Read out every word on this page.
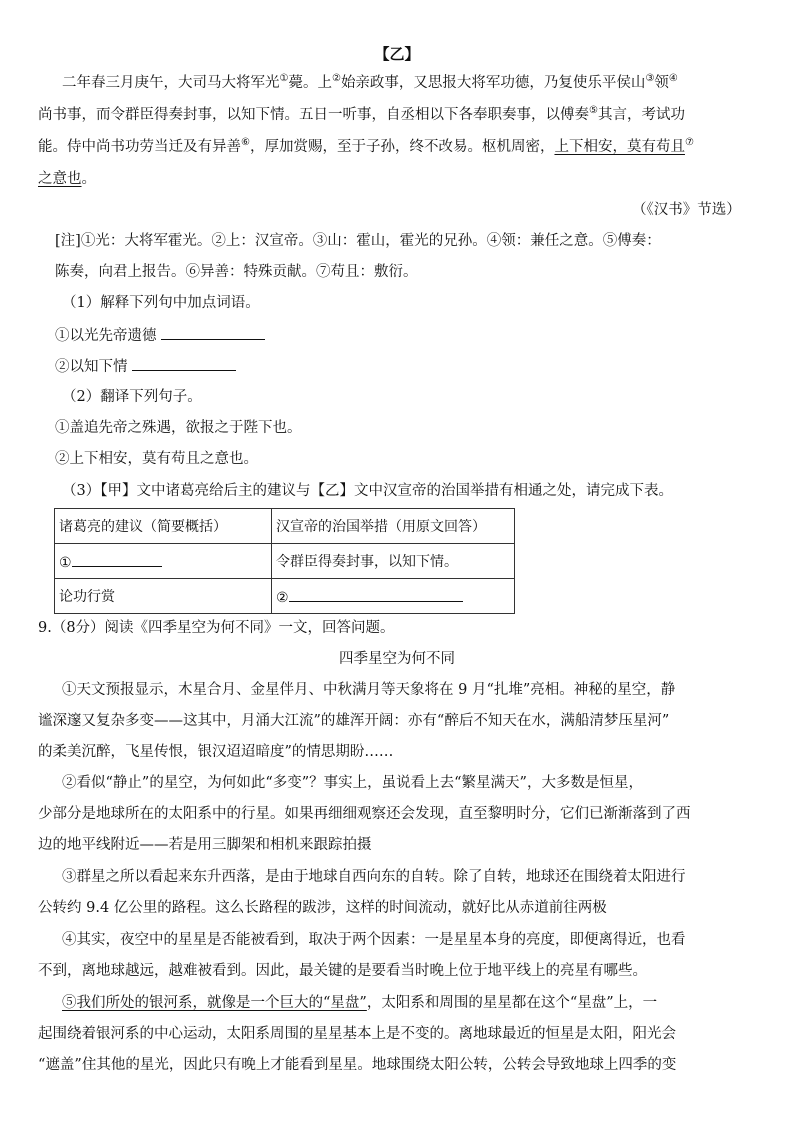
【乙】
二年春三月庚午，大司马大将军光①薨。上②始亲政事，又思报大将军功德，乃复使乐平侯山③领④
尚书事，而令群臣得奏封事，以知下情。五日一听事，自丞相以下各奉职奏事，以傅奏⑤其言，考试功
能。侍中尚书功劳当迁及有异善⑥，厚加赏赐，至于子孙，终不改易。枢机周密，上下相安，莫有苟且⑦
之意也。
（《汉书》节选）
[注]①光：大将军霍光。②上：汉宣帝。③山：霍山，霍光的兄孙。④领：兼任之意。⑤傅奏：
陈奏，向君上报告。⑥异善：特殊贡献。⑦苟且：敷衍。
（1）解释下列句中加点词语。
①以光先帝遗德
②以知下情
（2）翻译下列句子。
①盖追先帝之殊遇，欲报之于陛下也。
②上下相安，莫有苟且之意也。
（3）【甲】文中诸葛亮给后主的建议与【乙】文中汉宣帝的治国举措有相通之处，请完成下表。
诸葛亮的建议（简要概括）	汉宣帝的治国举措（用原文回答）
①	令群臣得奏封事，以知下情。
论功行赏	②
9.（8分）阅读《四季星空为何不同》一文，回答问题。
四季星空为何不同
①天文预报显示，木星合月、金星伴月、中秋满月等天象将在 9 月“扎堆”亮相。神秘的星空，静
谧深邃又复杂多变——这其中，月涌大江流”的雄浑开阔：亦有“醉后不知天在水，满船清梦压星河”
的柔美沉醉，飞星传恨，银汉迢迢暗度”的情思期盼……
②看似“静止”的星空，为何如此“多变”？事实上，虽说看上去“繁星满天”，大多数是恒星，
少部分是地球所在的太阳系中的行星。如果再细细观察还会发现，直至黎明时分，它们已渐渐落到了西
边的地平线附近——若是用三脚架和相机来跟踪拍摄
③群星之所以看起来东升西落，是由于地球自西向东的自转。除了自转，地球还在围绕着太阳进行
公转约 9.4 亿公里的路程。这么长路程的跋涉，这样的时间流动，就好比从赤道前往两极
④其实，夜空中的星星是否能被看到，取决于两个因素：一是星星本身的亮度，即便离得近，也看
不到，离地球越远，越难被看到。因此，最关键的是要看当时晚上位于地平线上的亮星有哪些。
⑤我们所处的银河系，就像是一个巨大的“星盘”，太阳系和周围的星星都在这个“星盘”上，一
起围绕着银河系的中心运动，太阳系周围的星星基本上是不变的。离地球最近的恒星是太阳，阳光会
“遮盖”住其他的星光，因此只有晚上才能看到星星。地球围绕太阳公转，公转会导致地球上四季的变
